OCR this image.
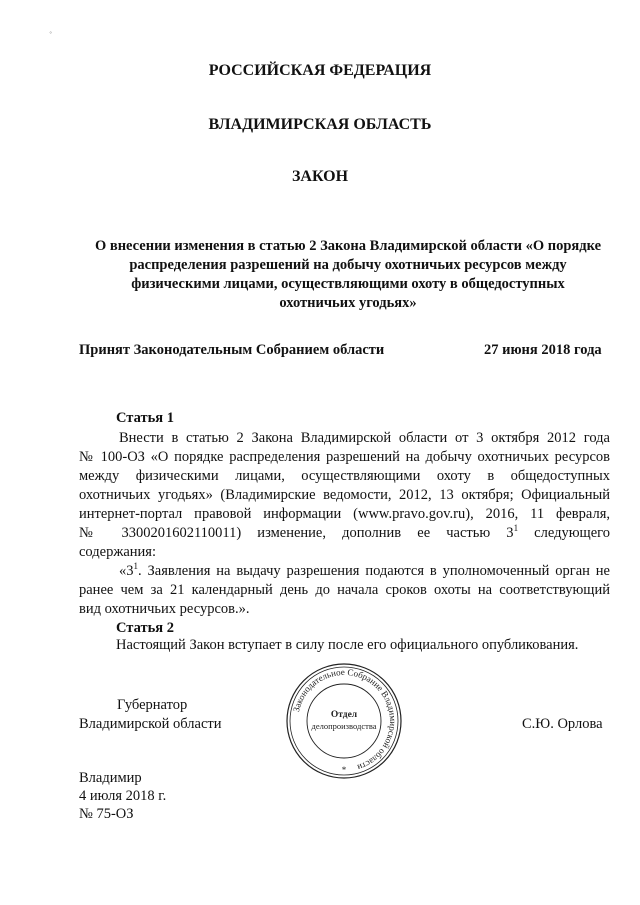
˚
РОССИЙСКАЯ ФЕДЕРАЦИЯ
ВЛАДИМИРСКАЯ ОБЛАСТЬ
ЗАКОН
О внесении изменения в статью 2 Закона Владимирской области «О порядке
распределения разрешений на добычу охотничьих ресурсов между
физическими лицами, осуществляющими охоту в общедоступных
охотничьих угодьях»
Принят Законодательным Собранием области	27 июня 2018 года
Статья 1
Внести в статью 2 Закона Владимирской области от 3 октября 2012 года
№ 100-ОЗ «О порядке распределения разрешений на добычу охотничьих ресурсов
между физическими лицами, осуществляющими охоту в общедоступных
охотничьих угодьях» (Владимирские ведомости, 2012, 13 октября; Официальный
интернет-портал правовой информации (www.pravo.gov.ru), 2016, 11 февраля,
№ 3300201602110011) изменение, дополнив ее частью $3^1$ следующего
содержания:
«$3^1$. Заявления на выдачу разрешения подаются в уполномоченный орган не
ранее чем за 21 календарный день до начала сроков охоты на соответствующий
вид охотничьих ресурсов.».
Статья 2
Настоящий Закон вступает в силу после его официального опубликования.
Губернатор
Владимирской области	С.Ю. Орлова
Законодательное Собрание Владимирской области
*
Отдел
делопроизводства
Владимир
4 июля 2018 г.
№ 75-ОЗ
